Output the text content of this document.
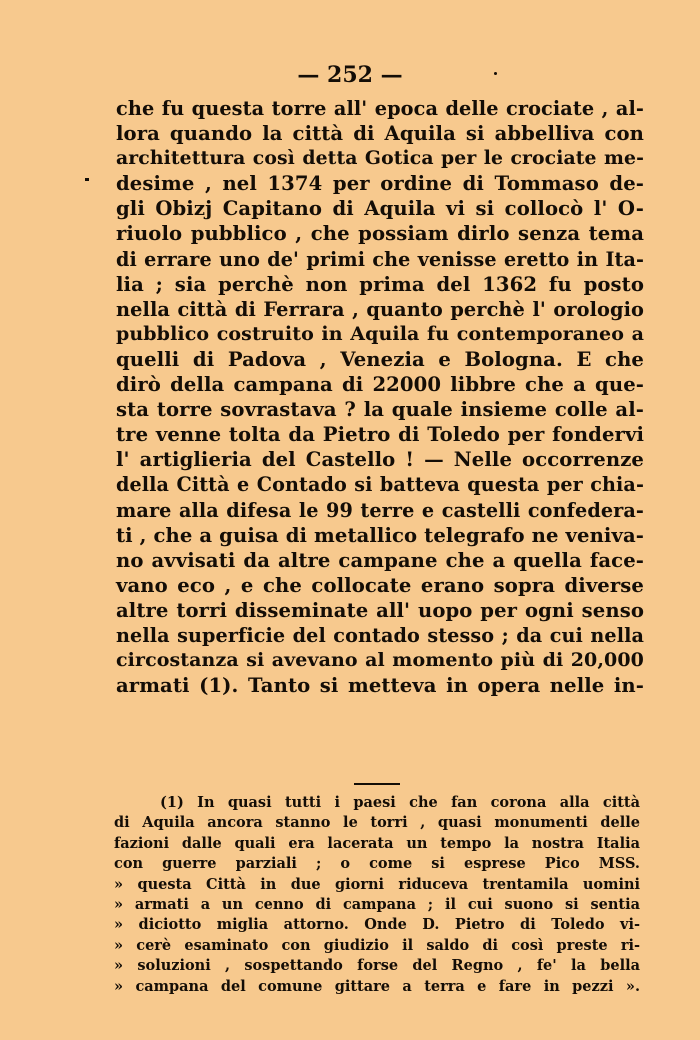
— 252 —
che fu questa torre all' epoca delle crociate , al-
lora quando la città di Aquila si abbelliva con
architettura così detta Gotica per le crociate me-
desime , nel 1374 per ordine di Tommaso de-
gli Obizj Capitano di Aquila vi si collocò l' O-
riuolo pubblico , che possiam dirlo senza tema
di errare uno de' primi che venisse eretto in Ita-
lia ; sia perchè non prima del 1362 fu posto
nella città di Ferrara , quanto perchè l' orologio
pubblico costruito in Aquila fu contemporaneo a
quelli di Padova , Venezia e Bologna. E che
dirò della campana di 22000 libbre che a que-
sta torre sovrastava ? la quale insieme colle al-
tre venne tolta da Pietro di Toledo per fondervi
l' artiglieria del Castello ! — Nelle occorrenze
della Città e Contado si batteva questa per chia-
mare alla difesa le 99 terre e castelli confedera-
ti , che a guisa di metallico telegrafo ne veniva-
no avvisati da altre campane che a quella face-
vano eco , e che collocate erano sopra diverse
altre torri disseminate all' uopo per ogni senso
nella superficie del contado stesso ; da cui nella
circostanza si avevano al momento più di 20,000
armati (1). Tanto si metteva in opera nelle in-
(1) In quasi tutti i paesi che fan corona alla città
di Aquila ancora stanno le torri , quasi monumenti delle
fazioni dalle quali era lacerata un tempo la nostra Italia
con guerre parziali ; o come si esprese Pico MSS.
» questa Città in due giorni riduceva trentamila uomini
» armati a un cenno di campana ; il cui suono si sentia
» diciotto miglia attorno. Onde D. Pietro di Toledo vi-
» cerè esaminato con giudizio il saldo di così preste ri-
» soluzioni , sospettando forse del Regno , fe' la bella
» campana del comune gittare a terra e fare in pezzi ».
